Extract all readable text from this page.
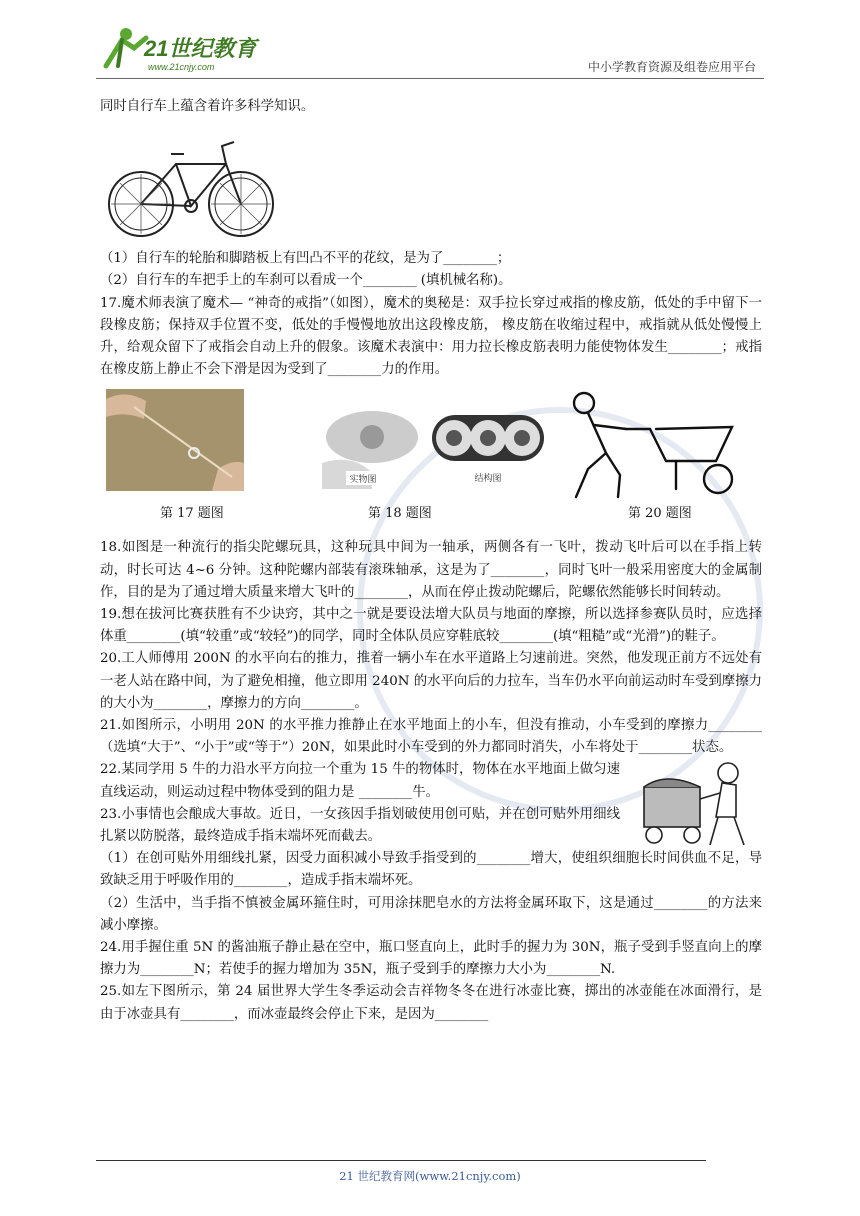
21世纪教育
www.21cnjy.com	中小学教育资源及组卷应用平台

同时自行车上蕴含着许多科学知识。

（1）自行车的轮胎和脚踏板上有凹凸不平的花纹，是为了________；

（2）自行车的车把手上的车刹可以看成一个________ (填机械名称)。

17.魔术师表演了魔术— “神奇的戒指”（如图），魔术的奥秘是：双手拉长穿过戒指的橡皮筋，低处的手中留下一段橡皮筋；保持双手位置不变，低处的手慢慢地放出这段橡皮筋， 橡皮筋在收缩过程中，戒指就从低处慢慢上升，给观众留下了戒指会自动上升的假象。该魔术表演中：用力拉长橡皮筋表明力能使物体发生________；戒指在橡皮筋上静止不会下滑是因为受到了________力的作用。

实物图	结构图
第 17 题图	第 18 题图	第 20 题图

18.如图是一种流行的指尖陀螺玩具，这种玩具中间为一轴承，两侧各有一飞叶，拨动飞叶后可以在手指上转动，时长可达 4~6 分钟。这种陀螺内部装有滚珠轴承，这是为了________，同时飞叶一般采用密度大的金属制作，目的是为了通过增大质量来增大飞叶的________，从而在停止拨动陀螺后，陀螺依然能够长时间转动。

19.想在拔河比赛获胜有不少诀窍，其中之一就是要设法增大队员与地面的摩擦，所以选择参赛队员时，应选择体重________(填“较重”或“较轻”)的同学，同时全体队员应穿鞋底较________(填“粗糙”或“光滑”)的鞋子。

20.工人师傅用 200N 的水平向右的推力，推着一辆小车在水平道路上匀速前进。突然，他发现正前方不远处有一老人站在路中间，为了避免相撞，他立即用 240N 的水平向后的力拉车，当车仍水平向前运动时车受到摩擦力的大小为________，摩擦力的方向________。

21.如图所示，小明用 20N 的水平推力推静止在水平地面上的小车，但没有推动，小车受到的摩擦力________（选填“大于”、“小于”或“等于”）20N，如果此时小车受到的外力都同时消失，小车将处于________状态。

22.某同学用 5 牛的力沿水平方向拉一个重为 15 牛的物体时，物体在水平地面上做匀速直线运动，则运动过程中物体受到的阻力是 ________牛。

23.小事情也会酿成大事故。近日，一女孩因手指划破使用创可贴，并在创可贴外用细线扎紧以防脱落，最终造成手指末端坏死而截去。

（1）在创可贴外用细线扎紧，因受力面积减小导致手指受到的________增大，使组织细胞长时间供血不足，导致缺乏用于呼吸作用的________，造成手指末端坏死。

（2）生活中，当手指不慎被金属环箍住时，可用涂抹肥皂水的方法将金属环取下，这是通过________的方法来减小摩擦。

24.用手握住重 5N 的酱油瓶子静止悬在空中，瓶口竖直向上，此时手的握力为 30N，瓶子受到手竖直向上的摩擦力为________N；若使手的握力增加为 35N，瓶子受到手的摩擦力大小为________N.

25.如左下图所示，第 24 届世界大学生冬季运动会吉祥物冬冬在进行冰壶比赛，掷出的冰壶能在冰面滑行，是由于冰壶具有________，而冰壶最终会停止下来，是因为________

21 世纪教育网(www.21cnjy.com)
